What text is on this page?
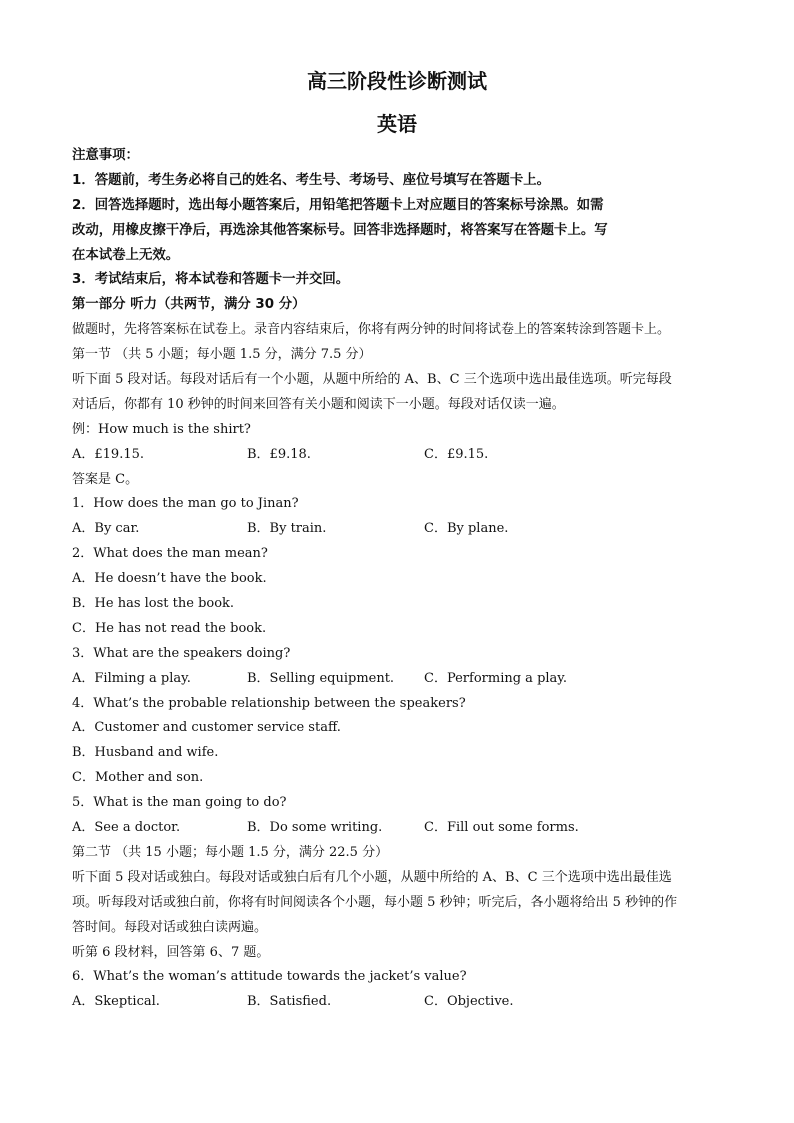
高三阶段性诊断测试
英语
注意事项：
1．答题前，考生务必将自己的姓名、考生号、考场号、座位号填写在答题卡上。
2．回答选择题时，选出每小题答案后，用铅笔把答题卡上对应题目的答案标号涂黑。如需
改动，用橡皮擦干净后，再选涂其他答案标号。回答非选择题时，将答案写在答题卡上。写
在本试卷上无效。
3．考试结束后，将本试卷和答题卡一并交回。
第一部分 听力（共两节，满分 30 分）
做题时，先将答案标在试卷上。录音内容结束后，你将有两分钟的时间将试卷上的答案转涂到答题卡上。
第一节 （共 5 小题；每小题 1.5 分，满分 7.5 分）
听下面 5 段对话。每段对话后有一个小题，从题中所给的 A、B、C 三个选项中选出最佳选项。听完每段
对话后，你都有 10 秒钟的时间来回答有关小题和阅读下一小题。每段对话仅读一遍。
例：How much is the shirt?
A．£19.15.	B．£9.18.	C．£9.15.
答案是 C。
1．How does the man go to Jinan?
A．By car.	B．By train.	C．By plane.
2．What does the man mean?
A．He doesn’t have the book.
B．He has lost the book.
C．He has not read the book.
3．What are the speakers doing?
A．Filming a play.	B．Selling equipment.	C．Performing a play.
4．What’s the probable relationship between the speakers?
A．Customer and customer service staff.
B．Husband and wife.
C．Mother and son.
5．What is the man going to do?
A．See a doctor.	B．Do some writing.	C．Fill out some forms.
第二节 （共 15 小题；每小题 1.5 分，满分 22.5 分）
听下面 5 段对话或独白。每段对话或独白后有几个小题，从题中所给的 A、B、C 三个选项中选出最佳选
项。听每段对话或独白前，你将有时间阅读各个小题，每小题 5 秒钟；听完后，各小题将给出 5 秒钟的作
答时间。每段对话或独白读两遍。
听第 6 段材料，回答第 6、7 题。
6．What’s the woman’s attitude towards the jacket’s value?
A．Skeptical.	B．Satisfied.	C．Objective.
